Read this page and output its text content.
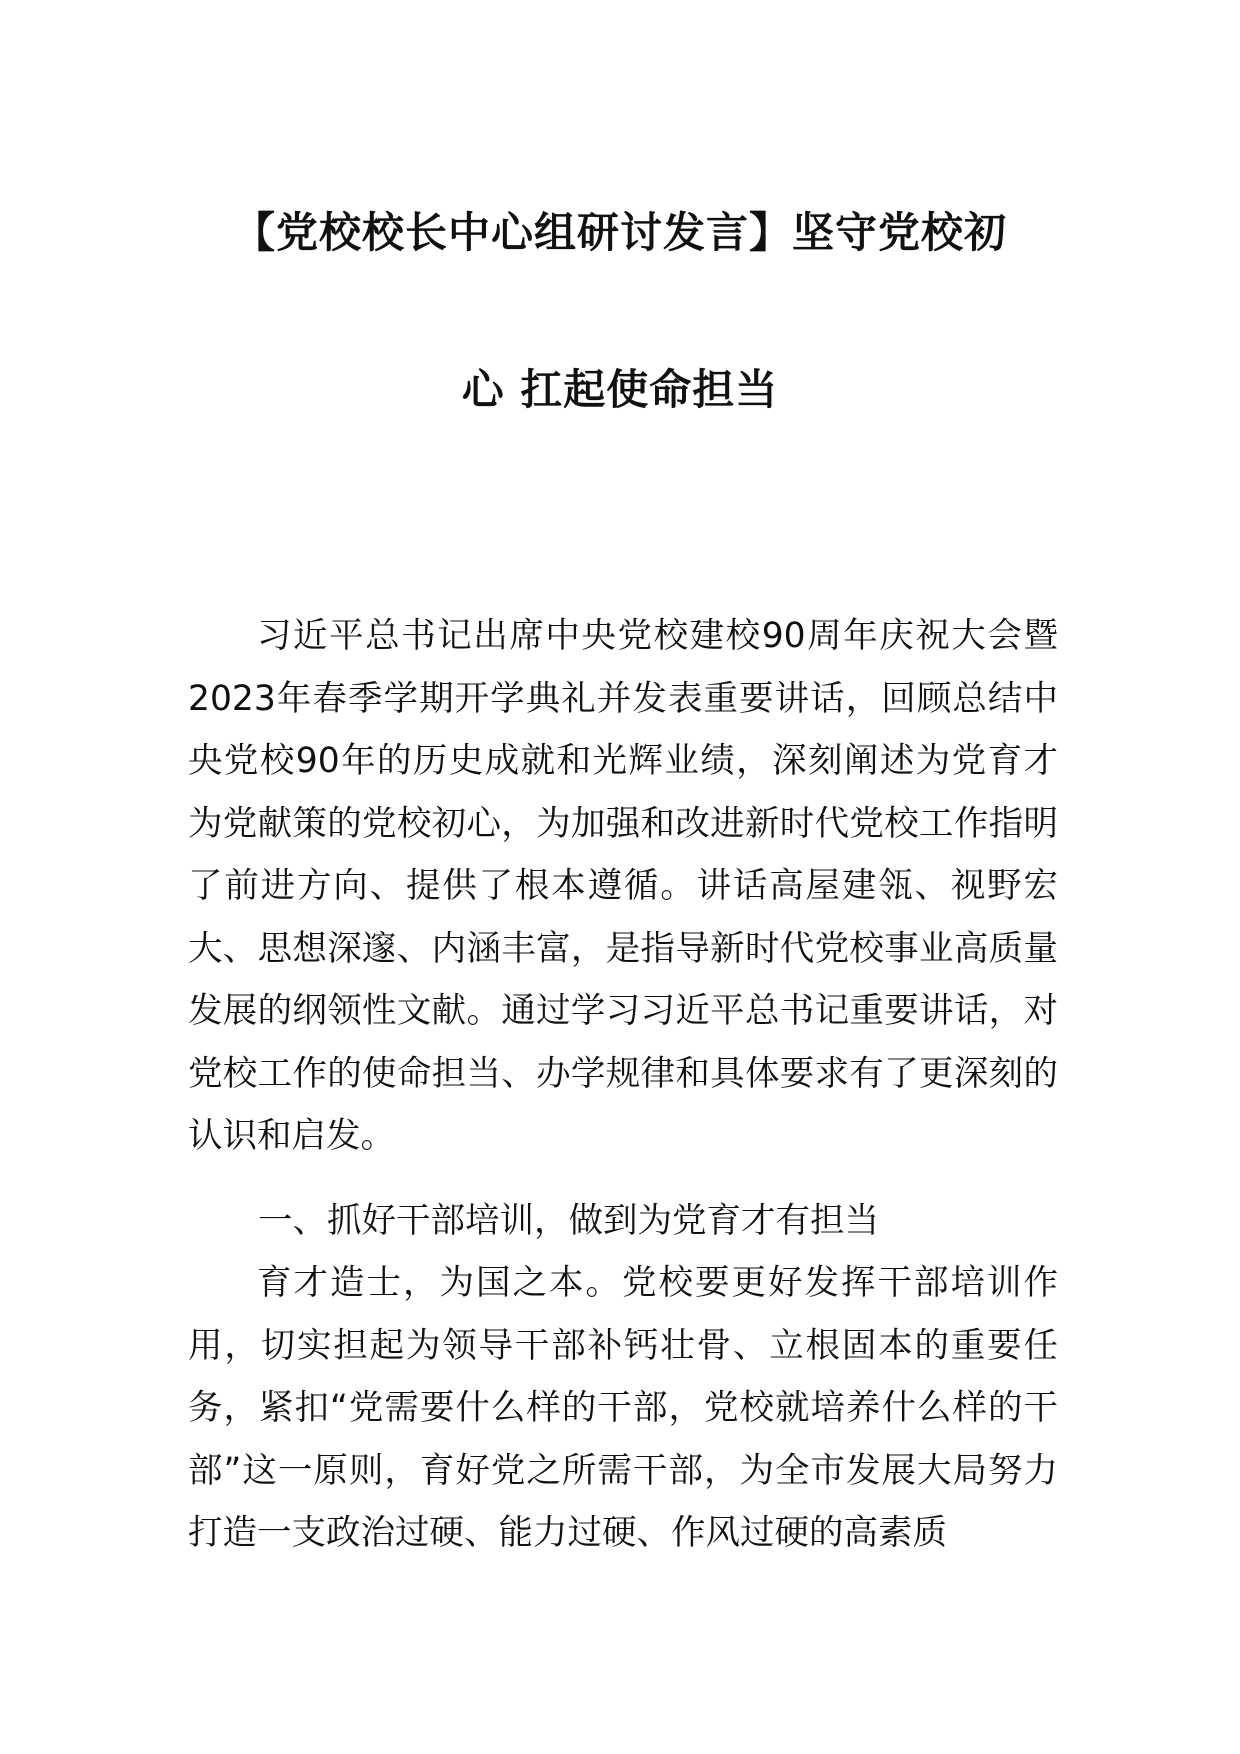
【党校校长中心组研讨发言】坚守党校初
心 扛起使命担当

习近平总书记出席中央党校建校90周年庆祝大会暨2023年春季学期开学典礼并发表重要讲话，回顾总结中央党校90年的历史成就和光辉业绩，深刻阐述为党育才为党献策的党校初心，为加强和改进新时代党校工作指明了前进方向、提供了根本遵循。讲话高屋建瓴、视野宏大、思想深邃、内涵丰富，是指导新时代党校事业高质量发展的纲领性文献。通过学习习近平总书记重要讲话，对党校工作的使命担当、办学规律和具体要求有了更深刻的认识和启发。

一、抓好干部培训，做到为党育才有担当

育才造士，为国之本。党校要更好发挥干部培训作用，切实担起为领导干部补钙壮骨、立根固本的重要任务，紧扣“党需要什么样的干部，党校就培养什么样的干部”这一原则，育好党之所需干部，为全市发展大局努力打造一支政治过硬、能力过硬、作风过硬的高素质
